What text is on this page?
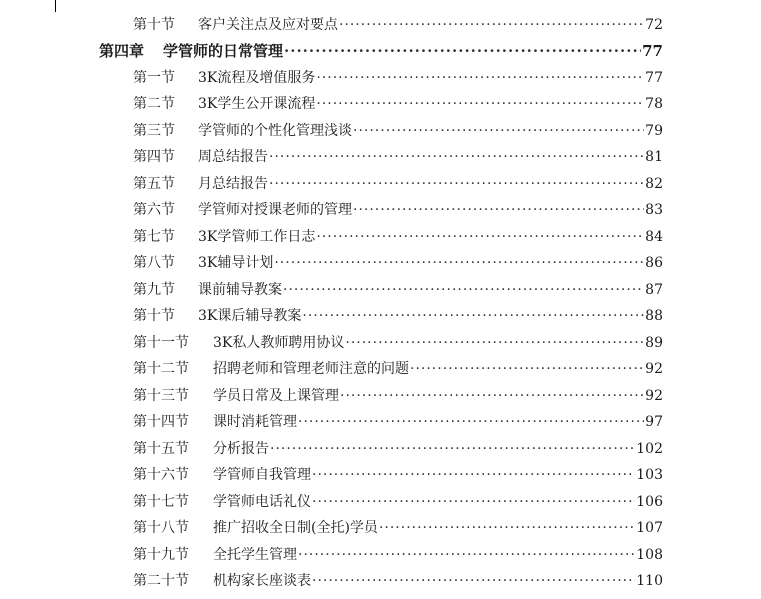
第十节	客户关注点及应对要点 ·····	72
第四章	学管师的日常管理 ·····	77
第一节	3K流程及增值服务 ·····	77
第二节	3K学生公开课流程 ·····	78
第三节	学管师的个性化管理浅谈 ·····	79
第四节	周总结报告 ·····	81
第五节	月总结报告 ·····	82
第六节	学管师对授课老师的管理 ·····	83
第七节	3K学管师工作日志 ·····	84
第八节	3K辅导计划 ·····	86
第九节	课前辅导教案 ·····	87
第十节	3K课后辅导教案 ·····	88
第十一节	3K私人教师聘用协议 ·····	89
第十二节	招聘老师和管理老师注意的问题 ·····	92
第十三节	学员日常及上课管理 ·····	92
第十四节	课时消耗管理 ·····	97
第十五节	分析报告 ·····	102
第十六节	学管师自我管理 ·····	103
第十七节	学管师电话礼仪 ·····	106
第十八节	推广招收全日制(全托)学员 ·····	107
第十九节	全托学生管理 ·····	108
第二十节	机构家长座谈表 ·····	110
